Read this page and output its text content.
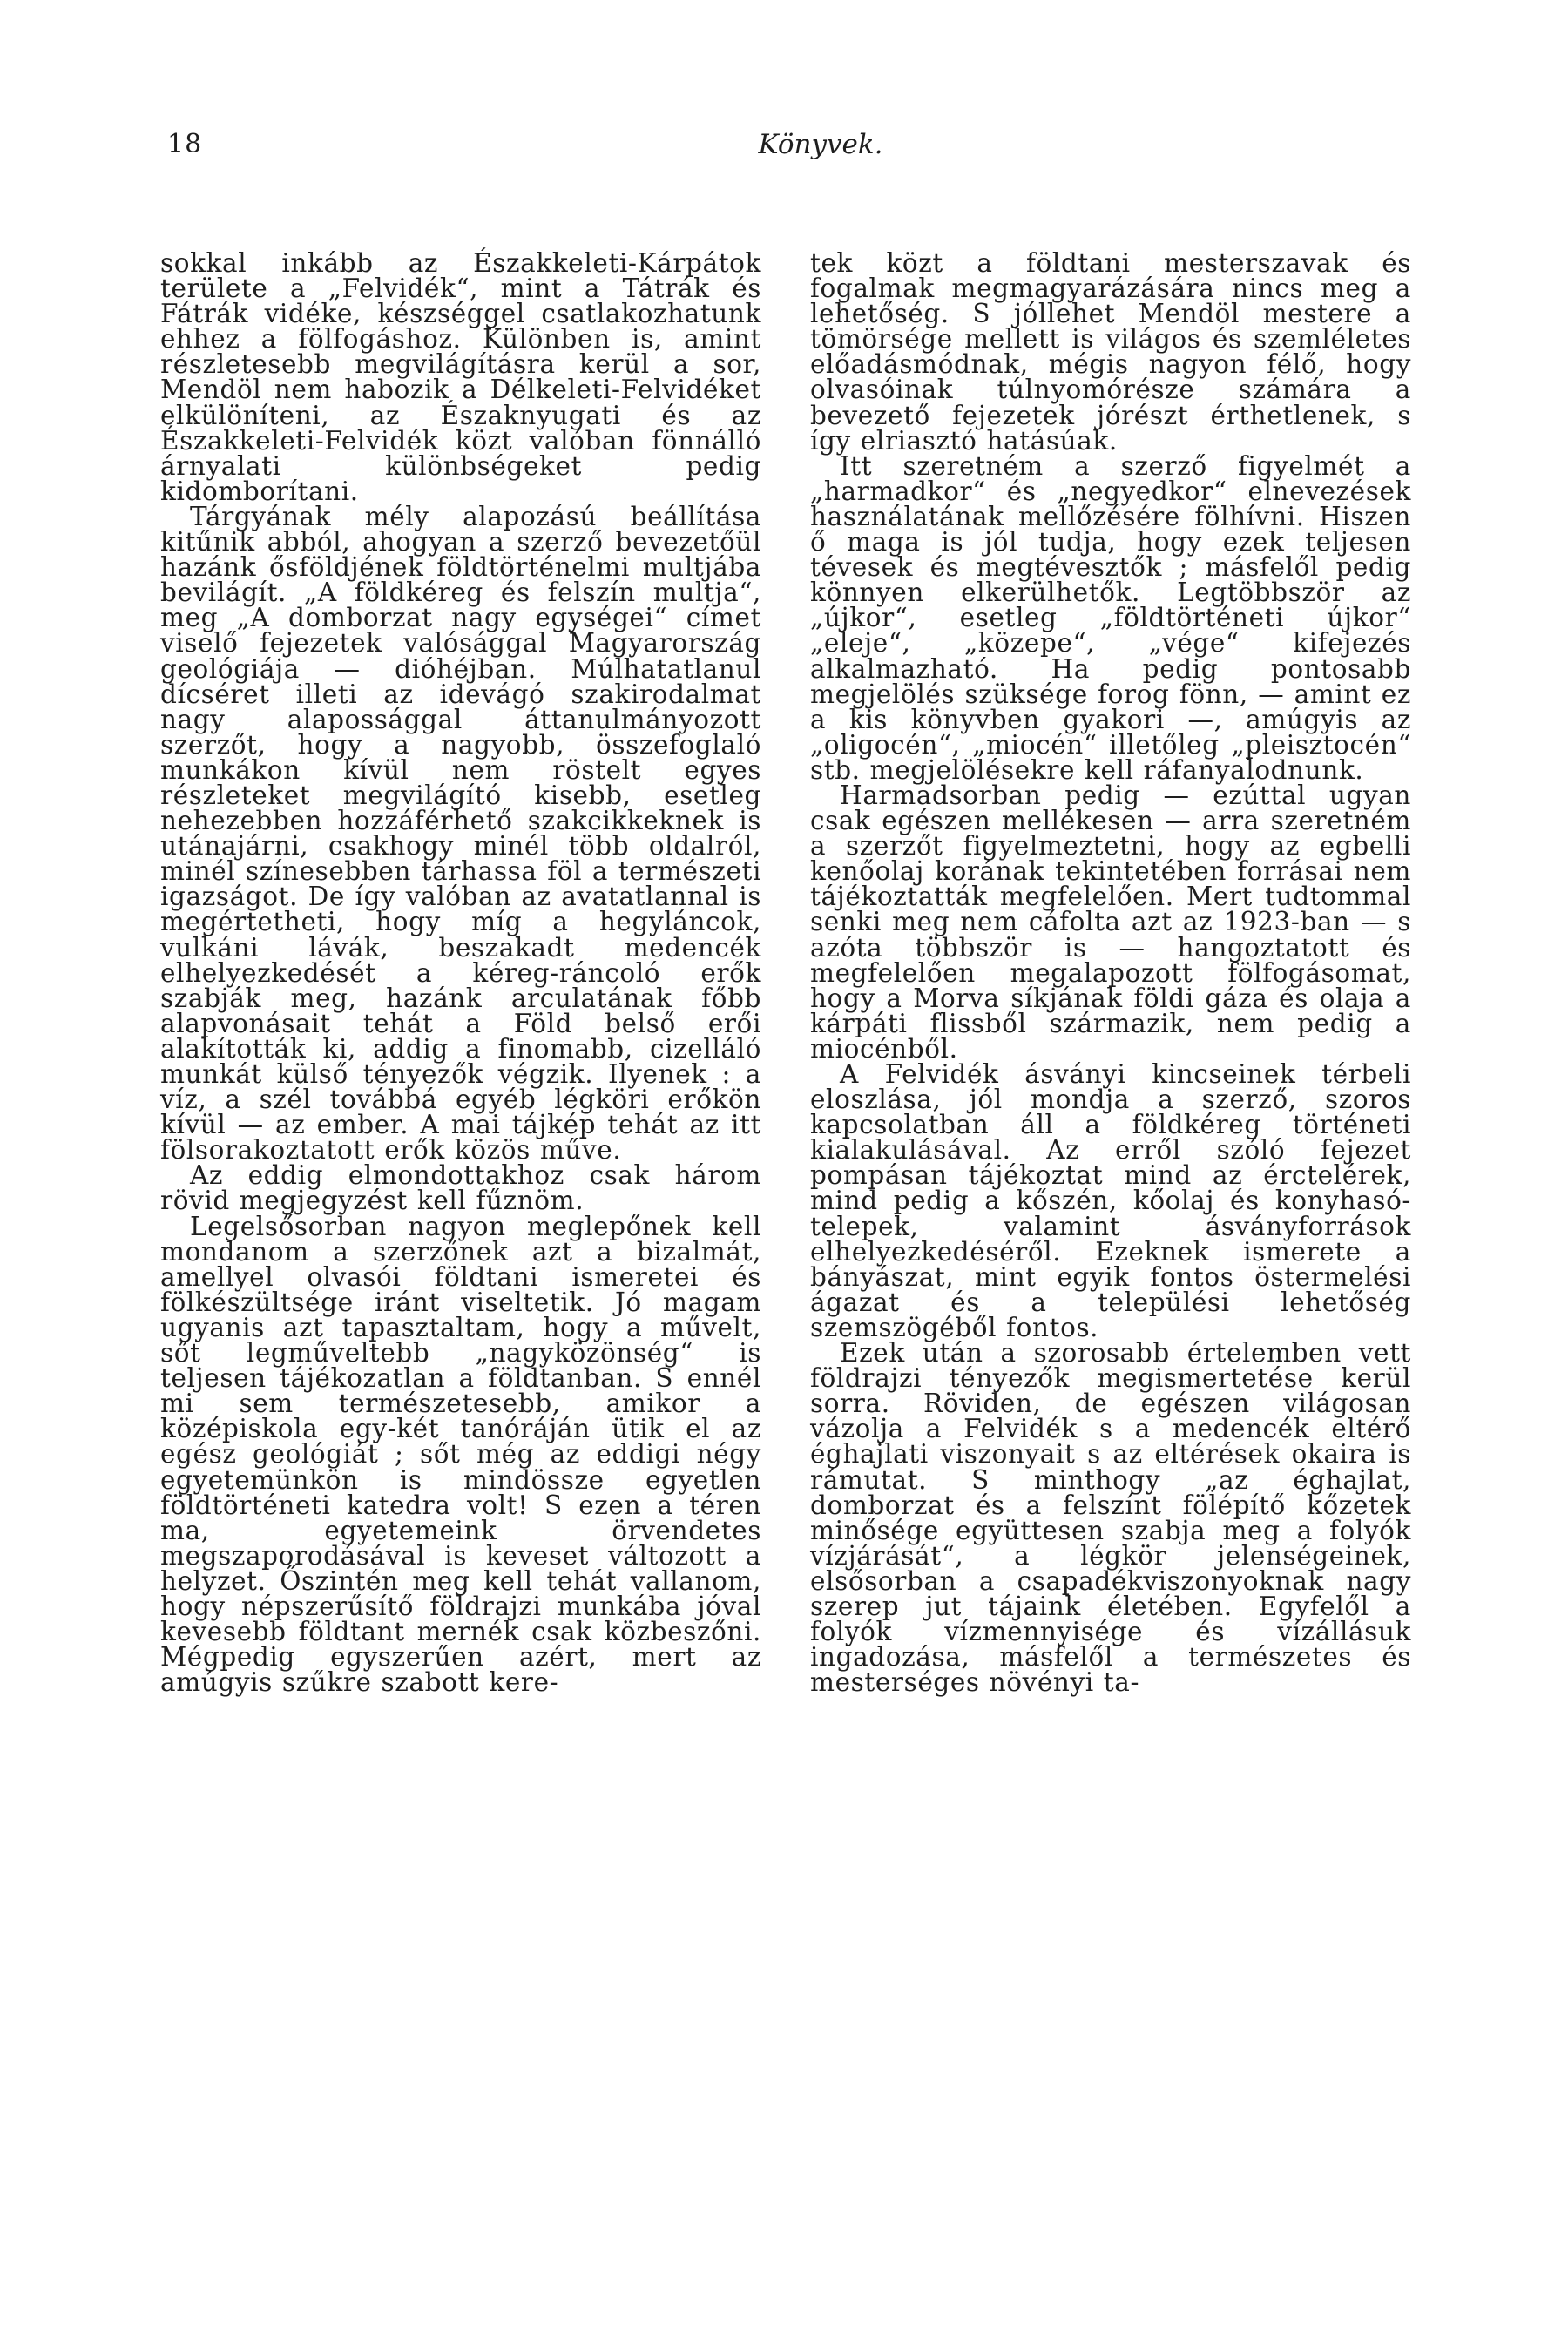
18	Könyvek.

sokkal inkább az Északkeleti-Kárpátok területe a „Felvidék“, mint a Tátrák és Fátrák vidéke, készséggel csatlakozhatunk ehhez a fölfogáshoz. Különben is, amint részletesebb megvilágításra kerül a sor, Mendöl nem habozik a Délkeleti-Felvidéket elkülöníteni, az Északnyugati és az Északkeleti-Felvidék közt valóban fönnálló árnyalati különbségeket pedig kidomborítani.

Tárgyának mély alapozású beállítása kitűnik abból, ahogyan a szerző bevezetőül hazánk ősföldjének földtörténelmi multjába bevilágít. „A földkéreg és felszín multja“, meg „A domborzat nagy egységei“ címet viselő fejezetek valósággal Magyarország geológiája — dióhéjban. Múlhatatlanul dícséret illeti az idevágó szakirodalmat nagy alapossággal áttanulmányozott szerzőt, hogy a nagyobb, összefoglaló munkákon kívül nem röstelt egyes részleteket megvilágító kisebb, esetleg nehezebben hozzáférhető szakcikkeknek is utánajárni, csakhogy minél több oldalról, minél színesebben tárhassa föl a természeti igazságot. De így valóban az avatatlannal is megértetheti, hogy míg a hegyláncok, vulkáni lávák, beszakadt medencék elhelyezkedését a kéreg-ráncoló erők szabják meg, hazánk arculatának főbb alapvonásait tehát a Föld belső erői alakították ki, addig a finomabb, cizelláló munkát külső tényezők végzik. Ilyenek : a víz, a szél továbbá egyéb légköri erőkön kívül — az ember. A mai tájkép tehát az itt fölsorakoztatott erők közös műve.

Az eddig elmondottakhoz csak három rövid megjegyzést kell fűznöm.

Legelsősorban nagyon meglepőnek kell mondanom a szerzőnek azt a bizalmát, amellyel olvasói földtani ismeretei és fölkészültsége iránt viseltetik. Jó magam ugyanis azt tapasztaltam, hogy a művelt, sőt legműveltebb „nagyközönség“ is teljesen tájékozatlan a földtanban. S ennél mi sem természetesebb, amikor a középiskola egy-két tanóráján ütik el az egész geológiát ; sőt még az eddigi négy egyetemünkön is mindössze egyetlen földtörténeti katedra volt! S ezen a téren ma, egyetemeink örvendetes megszaporodásával is keveset változott a helyzet. Őszintén meg kell tehát vallanom, hogy népszerűsítő földrajzi munkába jóval kevesebb földtant mernék csak közbeszőni. Mégpedig egyszerűen azért, mert az amúgyis szűkre szabott kere-

tek közt a földtani mesterszavak és fogalmak megmagyarázására nincs meg a lehetőség. S jóllehet Mendöl mestere a tömörsége mellett is világos és szemléletes előadásmódnak, mégis nagyon félő, hogy olvasóinak túlnyomórésze számára a bevezető fejezetek jórészt érthetlenek, s így elriasztó hatásúak.

Itt szeretném a szerző figyelmét a „harmadkor“ és „negyedkor“ elnevezések használatának mellőzésére fölhívni. Hiszen ő maga is jól tudja, hogy ezek teljesen tévesek és megtévesztők ; másfelől pedig könnyen elkerülhetők. Legtöbbször az „újkor“, esetleg „földtörténeti újkor“ „eleje“, „közepe“, „vége“ kifejezés alkalmazható. Ha pedig pontosabb megjelölés szüksége forog fönn, — amint ez a kis könyvben gyakori —, amúgyis az „oligocén“, „miocén“ illetőleg „pleisztocén“ stb. megjelölésekre kell ráfanyalodnunk.

Harmadsorban pedig — ezúttal ugyan csak egészen mellékesen — arra szeretném a szerzőt figyelmeztetni, hogy az egbelli kenőolaj korának tekintetében forrásai nem tájékoztatták megfelelően. Mert tudtommal senki meg nem cáfolta azt az 1923-ban — s azóta többször is — hangoztatott és megfelelően megalapozott fölfogásomat, hogy a Morva síkjának földi gáza és olaja a kárpáti flissből származik, nem pedig a miocénből.

A Felvidék ásványi kincseinek térbeli eloszlása, jól mondja a szerző, szoros kapcsolatban áll a földkéreg történeti kialakulásával. Az erről szóló fejezet pompásan tájékoztat mind az érctelérek, mind pedig a kőszén, kőolaj és konyhasó-telepek, valamint ásványforrások elhelyezkedéséről. Ezeknek ismerete a bányászat, mint egyik fontos östermelési ágazat és a települési lehetőség szemszögéből fontos.

Ezek után a szorosabb értelemben vett földrajzi tényezők megismertetése kerül sorra. Röviden, de egészen világosan vázolja a Felvidék s a medencék eltérő éghajlati viszonyait s az eltérések okaira is rámutat. S minthogy „az éghajlat, domborzat és a felszínt fölépítő kőzetek minősége együttesen szabja meg a folyók vízjárását“, a légkör jelenségeinek, elsősorban a csapadékviszonyoknak nagy szerep jut tájaink életében. Egyfelől a folyók vízmennyisége és vízállásuk ingadozása, másfelől a természetes és mesterséges növényi ta-
